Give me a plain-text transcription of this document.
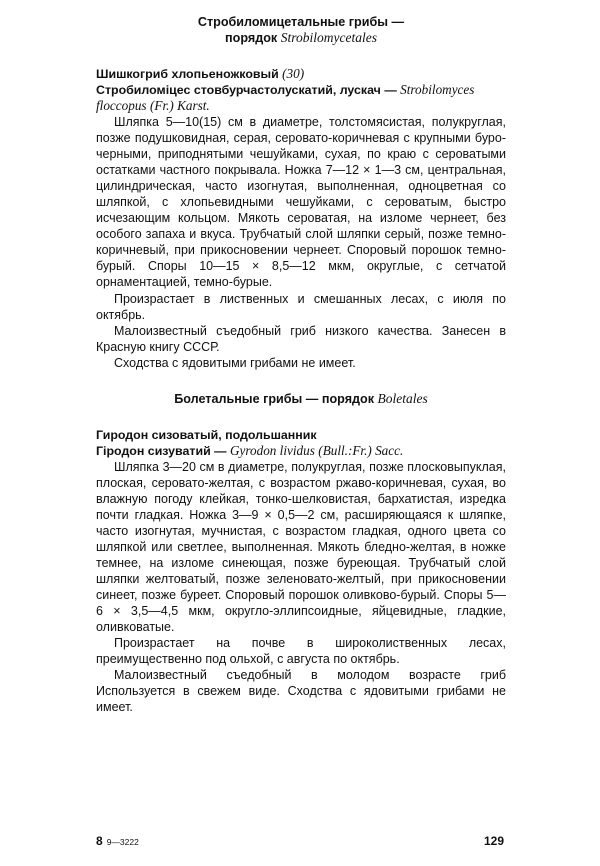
Стробиломицетальные грибы —
порядок Strobilomycetales
Шишкогриб хлопьеножковый (30)
Стробиломіцес стовбурчастолускатий, лускач — Strobilomyces floccopus (Fr.) Karst.

Шляпка 5—10(15) см в диаметре, толстомясистая, полукруглая, позже подушковидная, серая, серовато-коричневая с крупными буро-черными, приподнятыми чешуйками, сухая, по краю с сероватыми остатками частного покрывала. Ножка 7—12 × 1—3 см, центральная, цилиндрическая, часто изогнутая, выполненная, одноцветная со шляпкой, с хлопьевидными чешуйками, с сероватым, быстро исчезающим кольцом. Мякоть сероватая, на изломе чернеет, без особого запаха и вкуса. Трубчатый слой шляпки серый, позже темно-коричневый, при прикосновении чернеет. Споровый порошок темно-бурый. Споры 10—15 × 8,5—12 мкм, округлые, с сетчатой орнаментацией, темно-бурые.

Произрастает в лиственных и смешанных лесах, с июля по октябрь.

Малоизвестный съедобный гриб низкого качества. Занесен в Красную книгу СССР.

Сходства с ядовитыми грибами не имеет.

Болетальные грибы — порядок Boletales
Гиродон сизоватый, подольшанник
Гіродон сизуватий — Gyrodon lividus (Bull.:Fr.) Sacc.

Шляпка 3—20 см в диаметре, полукруглая, позже плосковыпуклая, плоская, серовато-желтая, с возрастом ржаво-коричневая, сухая, во влажную погоду клейкая, тонко-шелковистая, бархатистая, изредка почти гладкая. Ножка 3—9 × 0,5—2 см, расширяющаяся к шляпке, часто изогнутая, мучнистая, с возрастом гладкая, одного цвета со шляпкой или светлее, выполненная. Мякоть бледно-желтая, в ножке темнее, на изломе синеющая, позже буреющая. Трубчатый слой шляпки желтоватый, позже зеленовато-желтый, при прикосновении синеет, позже буреет. Споровый порошок оливково-бурый. Споры 5—6 × 3,5—4,5 мкм, округло-эллипсоидные, яйцевидные, гладкие, оливковатые.

Произрастает на почве в широколиственных лесах, преимущественно под ольхой, с августа по октябрь.

Малоизвестный съедобный в молодом возрасте гриб Используется в свежем виде. Сходства с ядовитыми грибами не имеет.

8 9—3222	129
